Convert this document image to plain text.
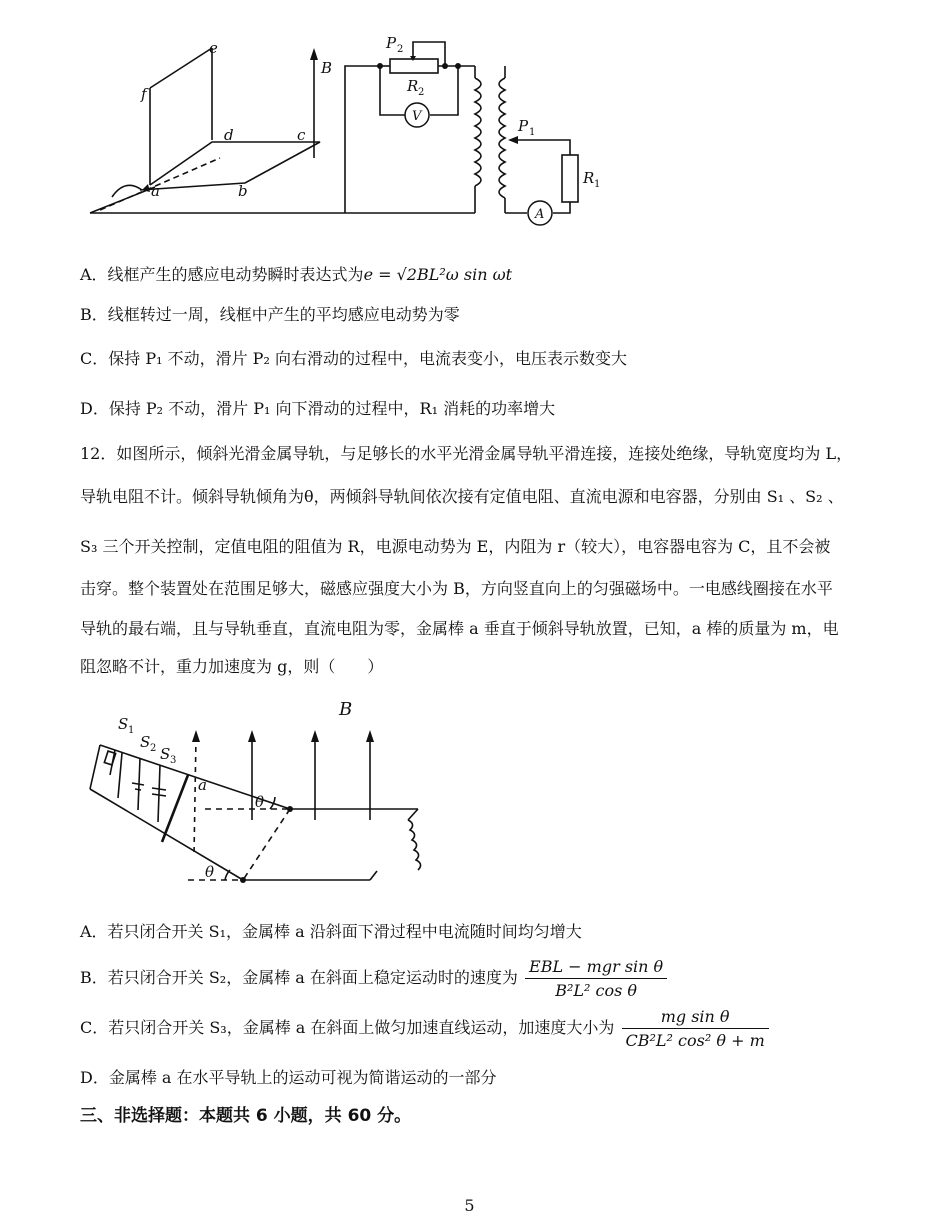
e
f
d	c
a	b
B
P 2
R 2
V
P 1
R 1
A
A．线框产生的感应电动势瞬时表达式为e = √2BL²ω sin ωt
B．线框转过一周，线框中产生的平均感应电动势为零
C．保持 P₁ 不动，滑片 P₂ 向右滑动的过程中，电流表变小，电压表示数变大
D．保持 P₂ 不动，滑片 P₁ 向下滑动的过程中，R₁ 消耗的功率增大
12．如图所示，倾斜光滑金属导轨，与足够长的水平光滑金属导轨平滑连接，连接处绝缘，导轨宽度均为 L，
导轨电阻不计。倾斜导轨倾角为θ，两倾斜导轨间依次接有定值电阻、直流电源和电容器，分别由 S₁ 、S₂ 、
S₃ 三个开关控制，定值电阻的阻值为 R，电源电动势为 E，内阻为 r（较大），电容器电容为 C，且不会被
击穿。整个装置处在范围足够大，磁感应强度大小为 B，方向竖直向上的匀强磁场中。一电感线圈接在水平
导轨的最右端，且与导轨垂直，直流电阻为零，金属棒 a 垂直于倾斜导轨放置，已知，a 棒的质量为 m，电
阻忽略不计，重力加速度为 g，则（　　）
B
S 1
S 2 S 3
a
θ
θ
A．若只闭合开关 S₁，金属棒 a 沿斜面下滑过程中电流随时间均匀增大
B．若只闭合开关 S₂，金属棒 a 在斜面上稳定运动时的速度为 $\frac{\text{EBL − mgr sin θ}}{\text{B²L² cos θ}}$
C．若只闭合开关 S₃，金属棒 a 在斜面上做匀加速直线运动，加速度大小为 $\frac{\text{mg sin θ}}{\text{CB²L² cos² θ + m}}$
D．金属棒 a 在水平导轨上的运动可视为简谐运动的一部分
三、非选择题：本题共 6 小题，共 60 分。
5
